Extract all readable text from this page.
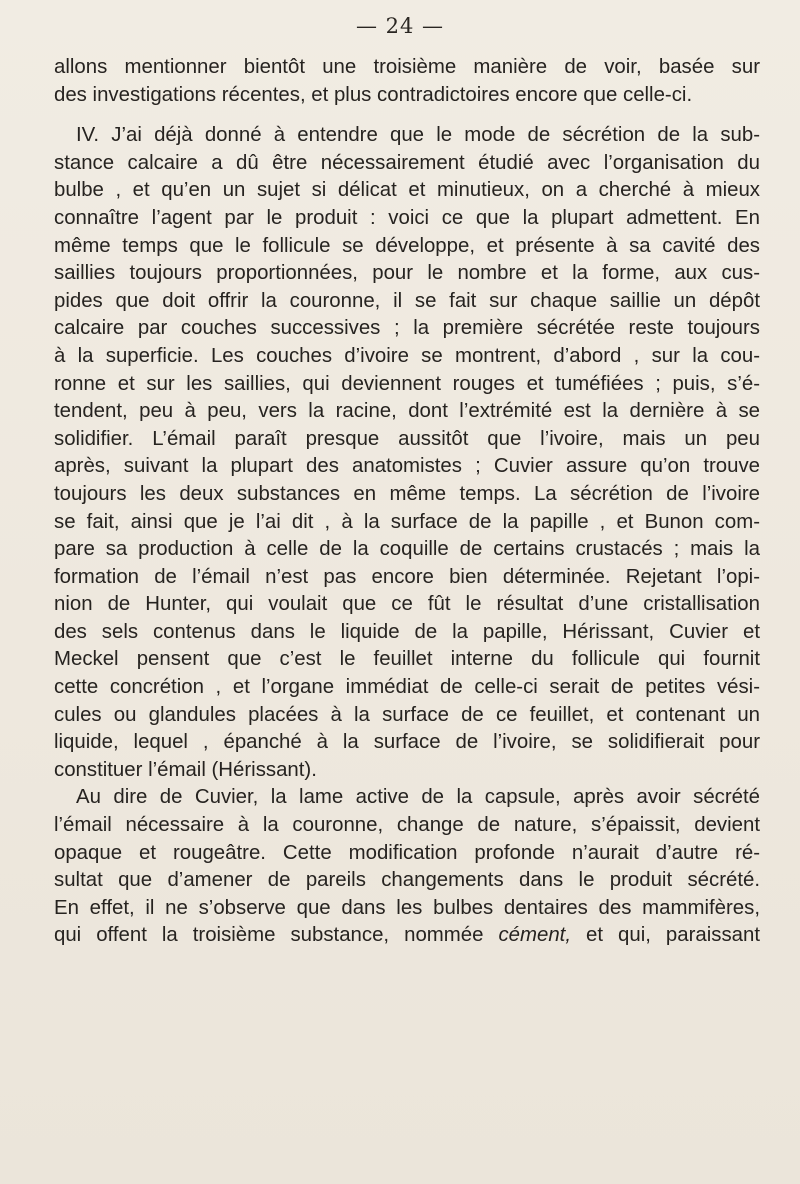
— 24 —
allons mentionner bientôt une troisième manière de voir, basée sur
des investigations récentes, et plus contradictoires encore que celle-ci.
IV. J’ai déjà donné à entendre que le mode de sécrétion de la sub-
stance calcaire a dû être nécessairement étudié avec l’organisation du
bulbe , et qu’en un sujet si délicat et minutieux, on a cherché à mieux
connaître l’agent par le produit : voici ce que la plupart admettent. En
même temps que le follicule se développe, et présente à sa cavité des
saillies toujours proportionnées, pour le nombre et la forme, aux cus-
pides que doit offrir la couronne, il se fait sur chaque saillie un dépôt
calcaire par couches successives ; la première sécrétée reste toujours
à la superficie. Les couches d’ivoire se montrent, d’abord , sur la cou-
ronne et sur les saillies, qui deviennent rouges et tuméfiées ; puis, s’é-
tendent, peu à peu, vers la racine, dont l’extrémité est la dernière à se
solidifier. L’émail paraît presque aussitôt que l’ivoire, mais un peu
après, suivant la plupart des anatomistes ; Cuvier assure qu’on trouve
toujours les deux substances en même temps. La sécrétion de l’ivoire
se fait, ainsi que je l’ai dit , à la surface de la papille , et Bunon com-
pare sa production à celle de la coquille de certains crustacés ; mais la
formation de l’émail n’est pas encore bien déterminée. Rejetant l’opi-
nion de Hunter, qui voulait que ce fût le résultat d’une cristallisation
des sels contenus dans le liquide de la papille, Hérissant, Cuvier et
Meckel pensent que c’est le feuillet interne du follicule qui fournit
cette concrétion , et l’organe immédiat de celle-ci serait de petites vési-
cules ou glandules placées à la surface de ce feuillet, et contenant un
liquide, lequel , épanché à la surface de l’ivoire, se solidifierait pour
constituer l’émail (Hérissant).
Au dire de Cuvier, la lame active de la capsule, après avoir sécrété
l’émail nécessaire à la couronne, change de nature, s’épaissit, devient
opaque et rougeâtre. Cette modification profonde n’aurait d’autre ré-
sultat que d’amener de pareils changements dans le produit sécrété.
En effet, il ne s’observe que dans les bulbes dentaires des mammifères,
qui offent la troisième substance, nommée cément, et qui, paraissant
